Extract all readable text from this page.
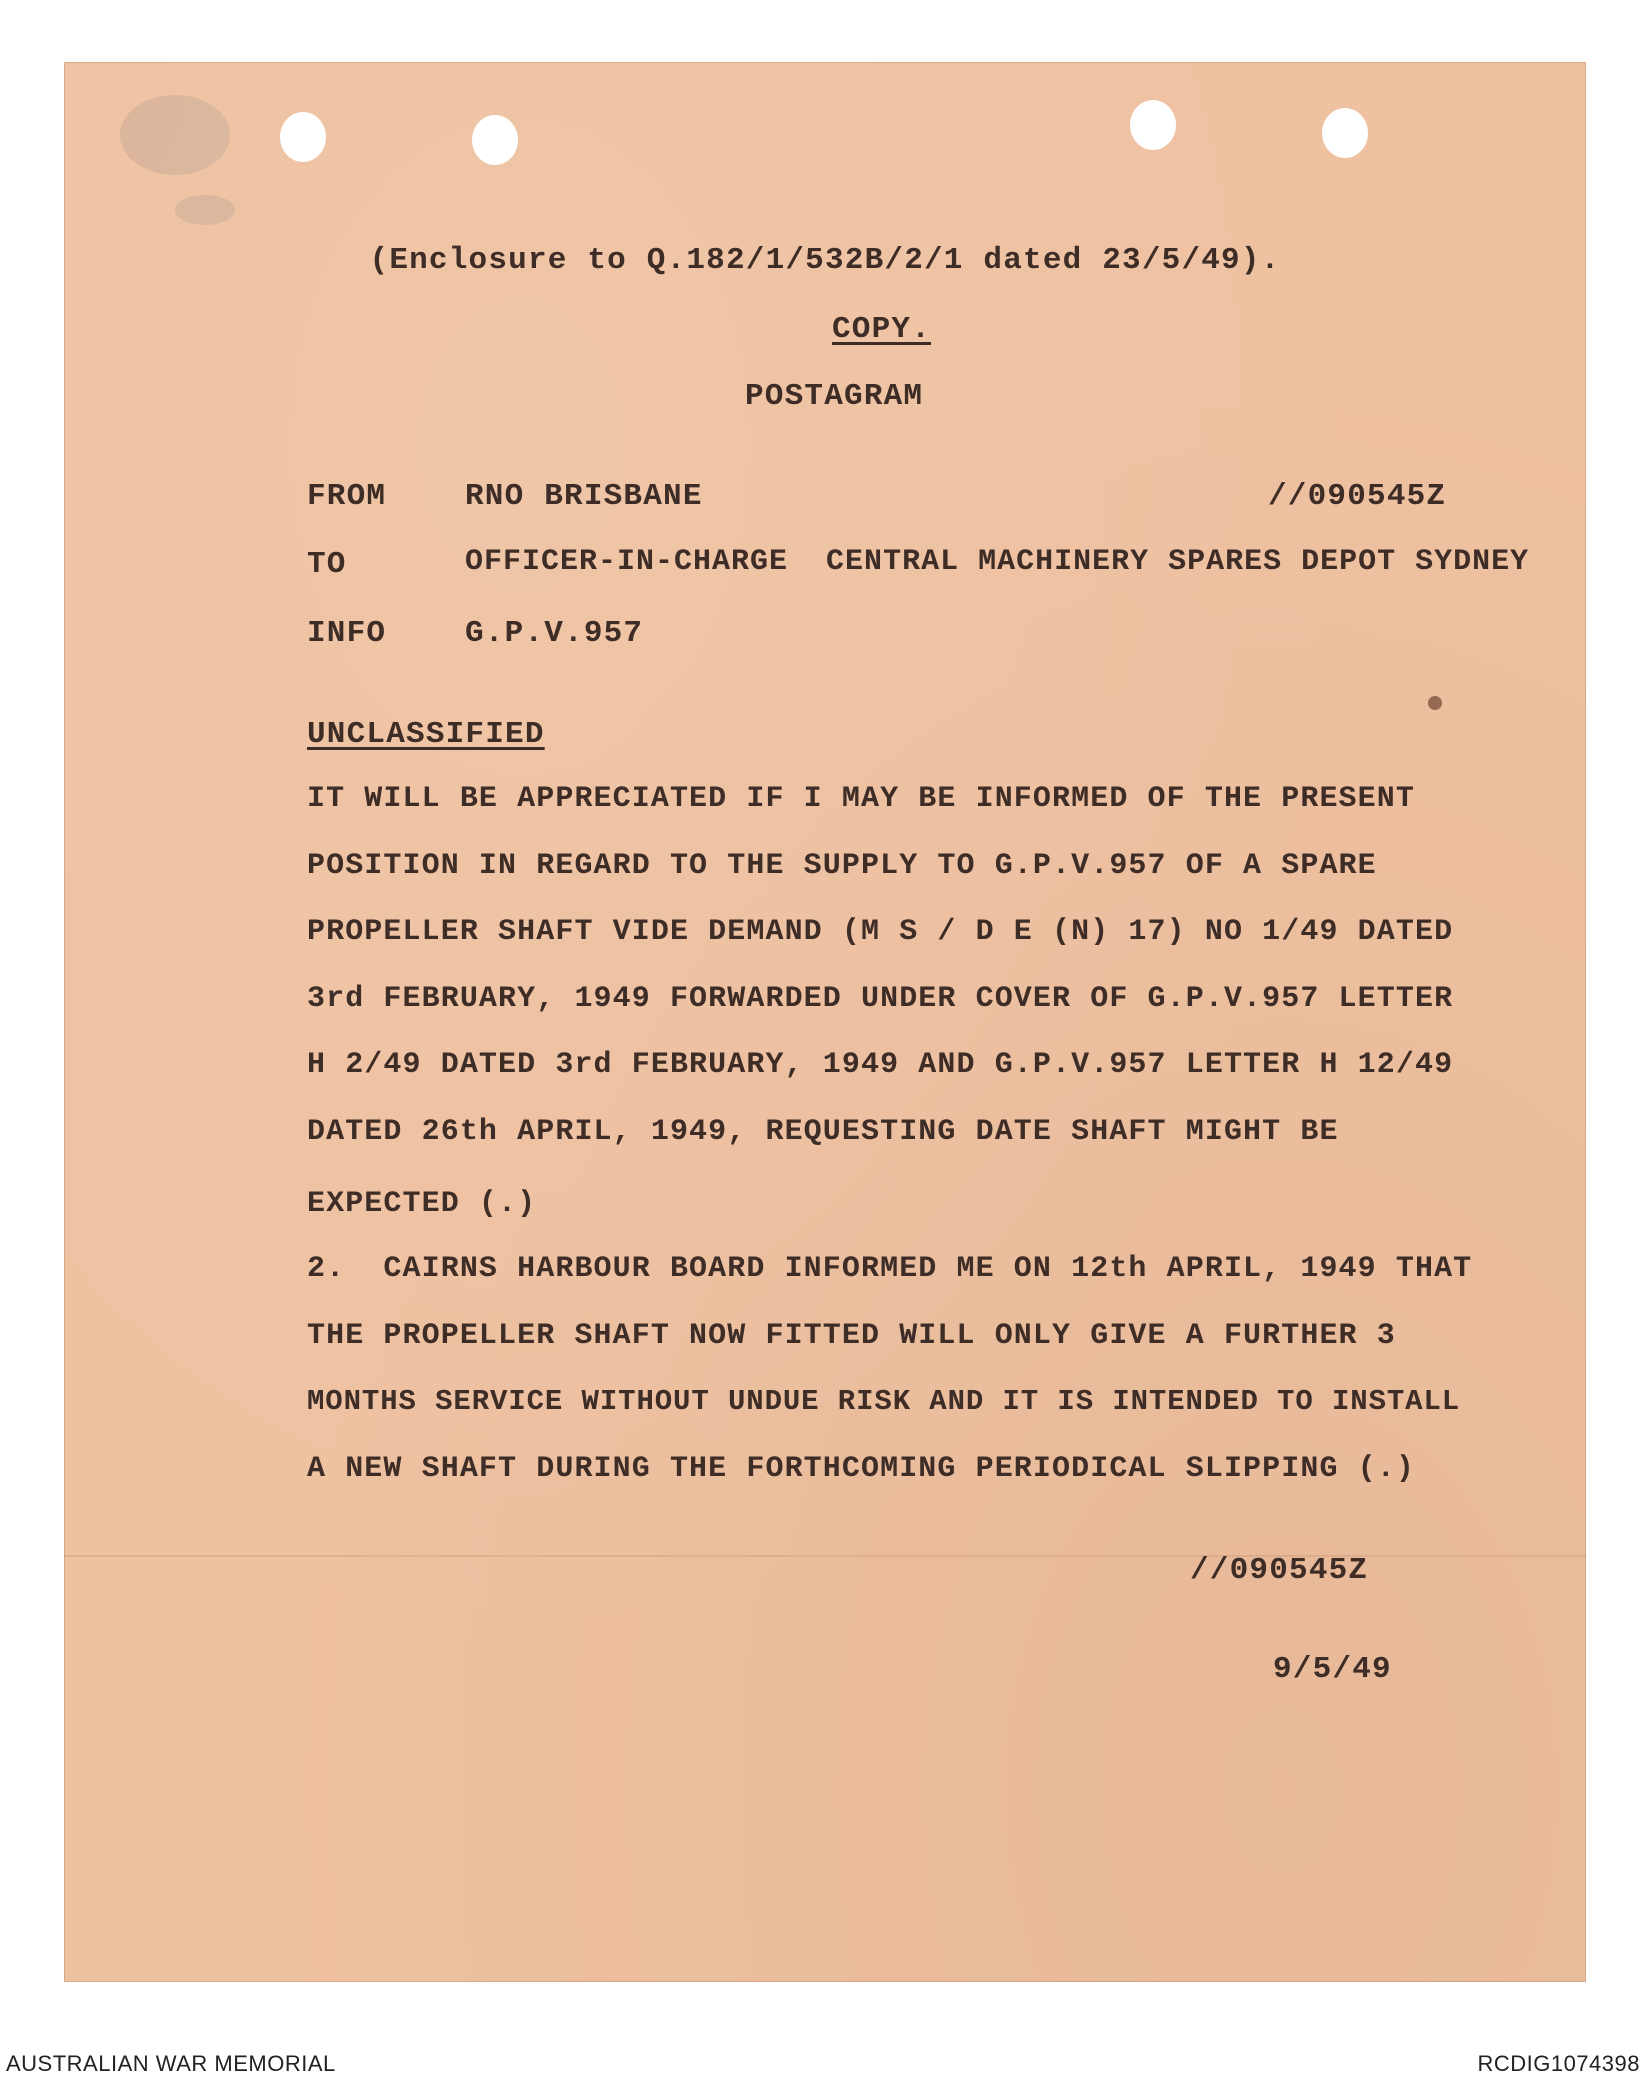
(Enclosure to Q.182/1/532B/2/1 dated 23/5/49).
COPY.
POSTAGRAM
FROM	RNO BRISBANE	//090545Z
TO	OFFICER-IN-CHARGE  CENTRAL MACHINERY SPARES DEPOT SYDNEY
INFO	G.P.V.957
UNCLASSIFIED
IT WILL BE APPRECIATED IF I MAY BE INFORMED OF THE PRESENT
POSITION IN REGARD TO THE SUPPLY TO G.P.V.957 OF A SPARE
PROPELLER SHAFT VIDE DEMAND (M S / D E (N) 17) NO 1/49 DATED
3rd FEBRUARY, 1949 FORWARDED UNDER COVER OF G.P.V.957 LETTER
H 2/49 DATED 3rd FEBRUARY, 1949 AND G.P.V.957 LETTER H 12/49
DATED 26th APRIL, 1949, REQUESTING DATE SHAFT MIGHT BE
EXPECTED (.)
2.  CAIRNS HARBOUR BOARD INFORMED ME ON 12th APRIL, 1949 THAT
THE PROPELLER SHAFT NOW FITTED WILL ONLY GIVE A FURTHER 3
MONTHS SERVICE WITHOUT UNDUE RISK AND IT IS INTENDED TO INSTALL
A NEW SHAFT DURING THE FORTHCOMING PERIODICAL SLIPPING (.)
//090545Z
9/5/49
AUSTRALIAN WAR MEMORIAL	RCDIG1074398
